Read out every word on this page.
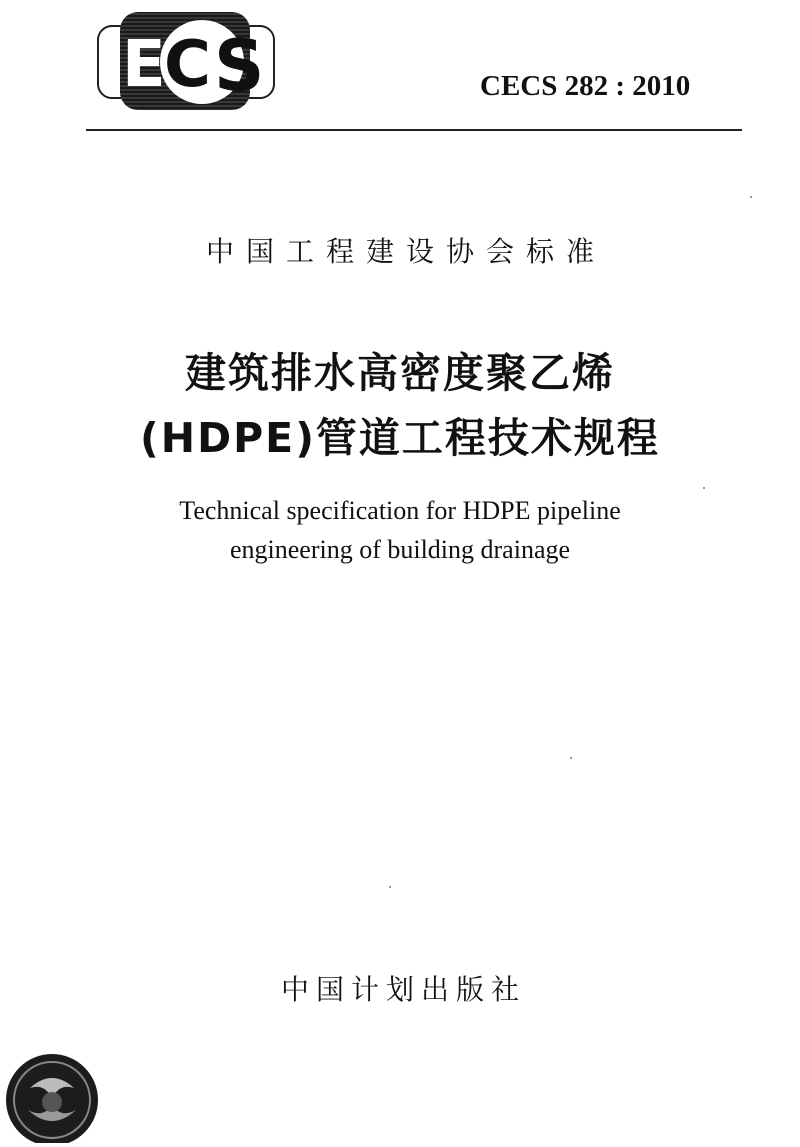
E C S	CECS 282 : 2010
中国工程建设协会标准
建筑排水高密度聚乙烯
(HDPE)管道工程技术规程
Technical specification for HDPE pipeline
engineering of building drainage
中国计划出版社
